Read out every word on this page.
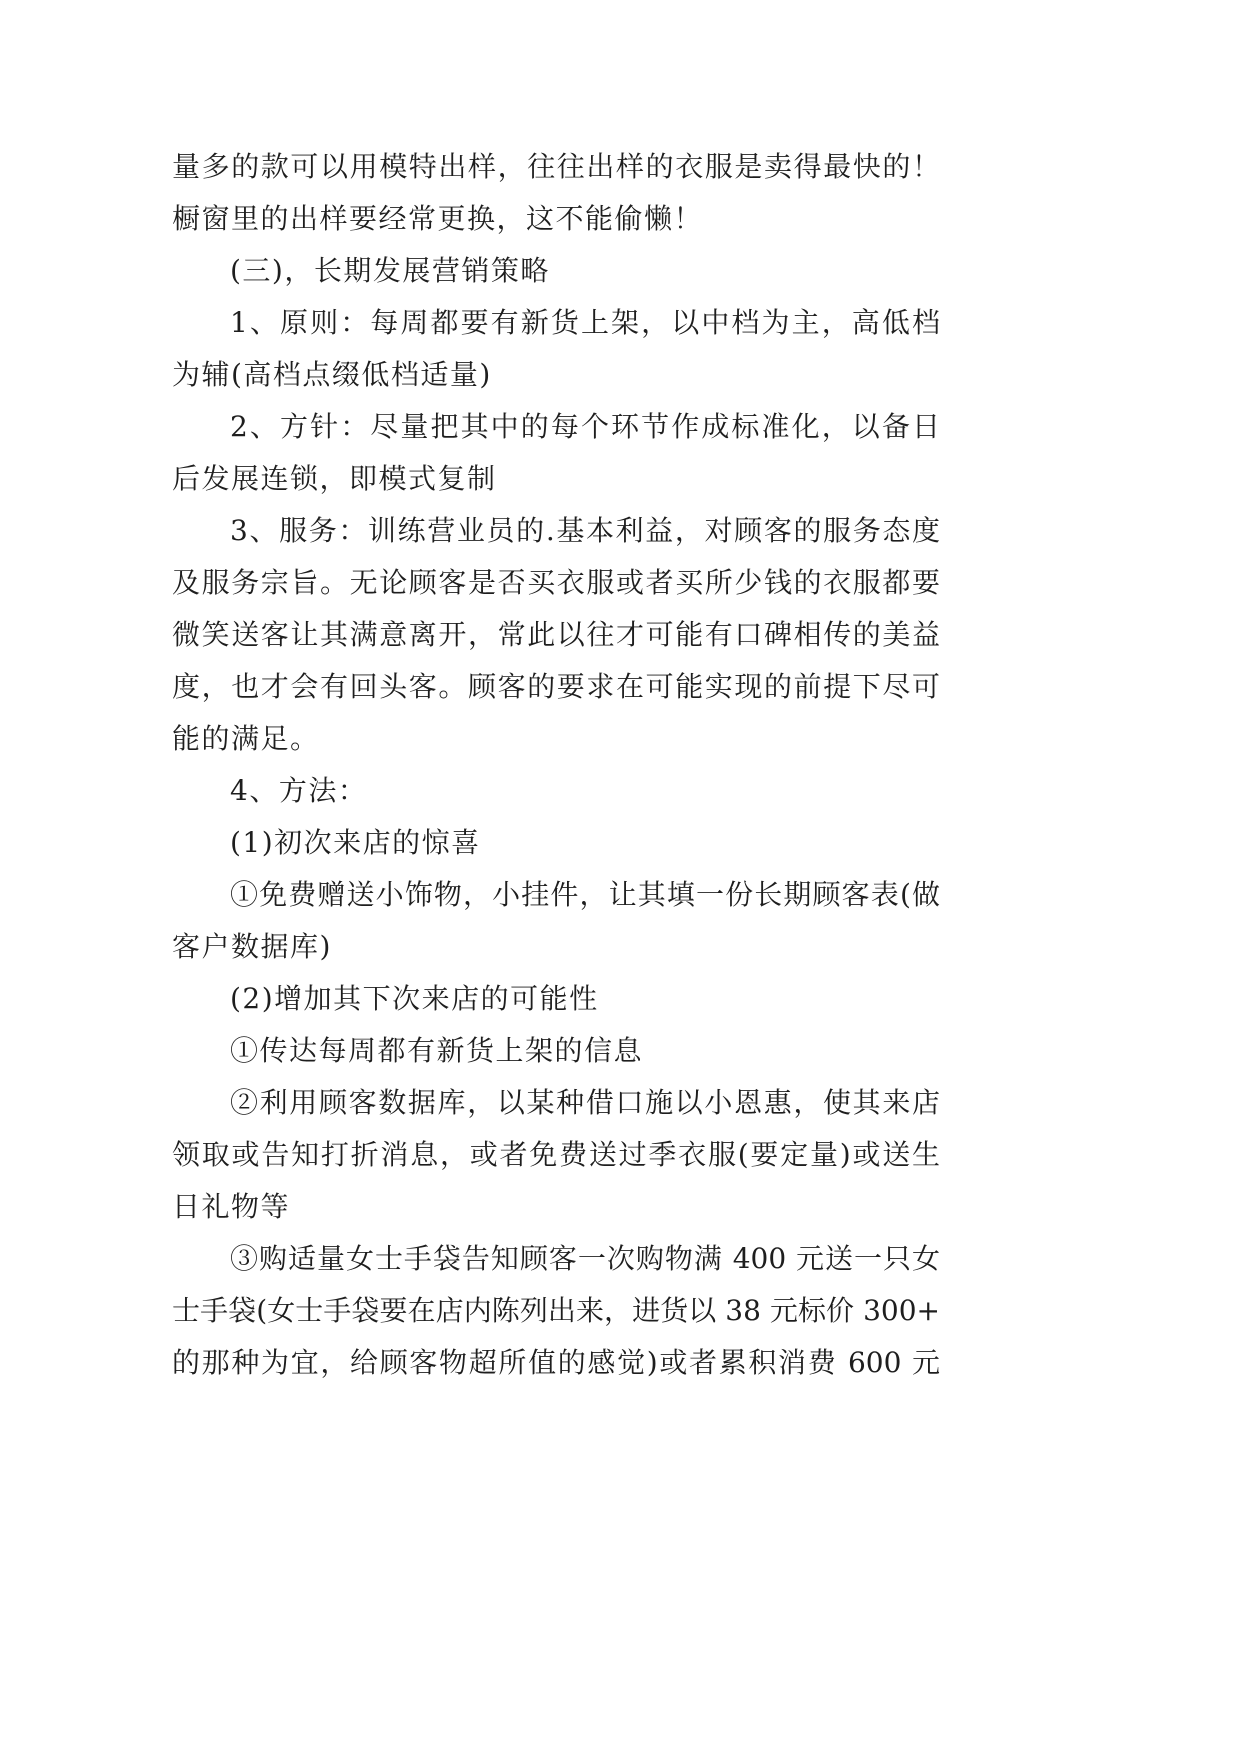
量多的款可以用模特出样，往往出样的衣服是卖得最快的！
橱窗里的出样要经常更换，这不能偷懒！
(三)，长期发展营销策略
1、原则：每周都要有新货上架，以中档为主，高低档
为辅(高档点缀低档适量)
2、方针：尽量把其中的每个环节作成标准化，以备日
后发展连锁，即模式复制
3、服务：训练营业员的.基本利益，对顾客的服务态度
及服务宗旨。无论顾客是否买衣服或者买所少钱的衣服都要
微笑送客让其满意离开，常此以往才可能有口碑相传的美益
度，也才会有回头客。顾客的要求在可能实现的前提下尽可
能的满足。
4、方法：
(1)初次来店的惊喜
①免费赠送小饰物，小挂件，让其填一份长期顾客表(做
客户数据库)
(2)增加其下次来店的可能性
①传达每周都有新货上架的信息
②利用顾客数据库，以某种借口施以小恩惠，使其来店
领取或告知打折消息，或者免费送过季衣服(要定量)或送生
日礼物等
③购适量女士手袋告知顾客一次购物满 400 元送一只女
士手袋(女士手袋要在店内陈列出来，进货以 38 元标价 300+
的那种为宜，给顾客物超所值的感觉)或者累积消费 600 元
